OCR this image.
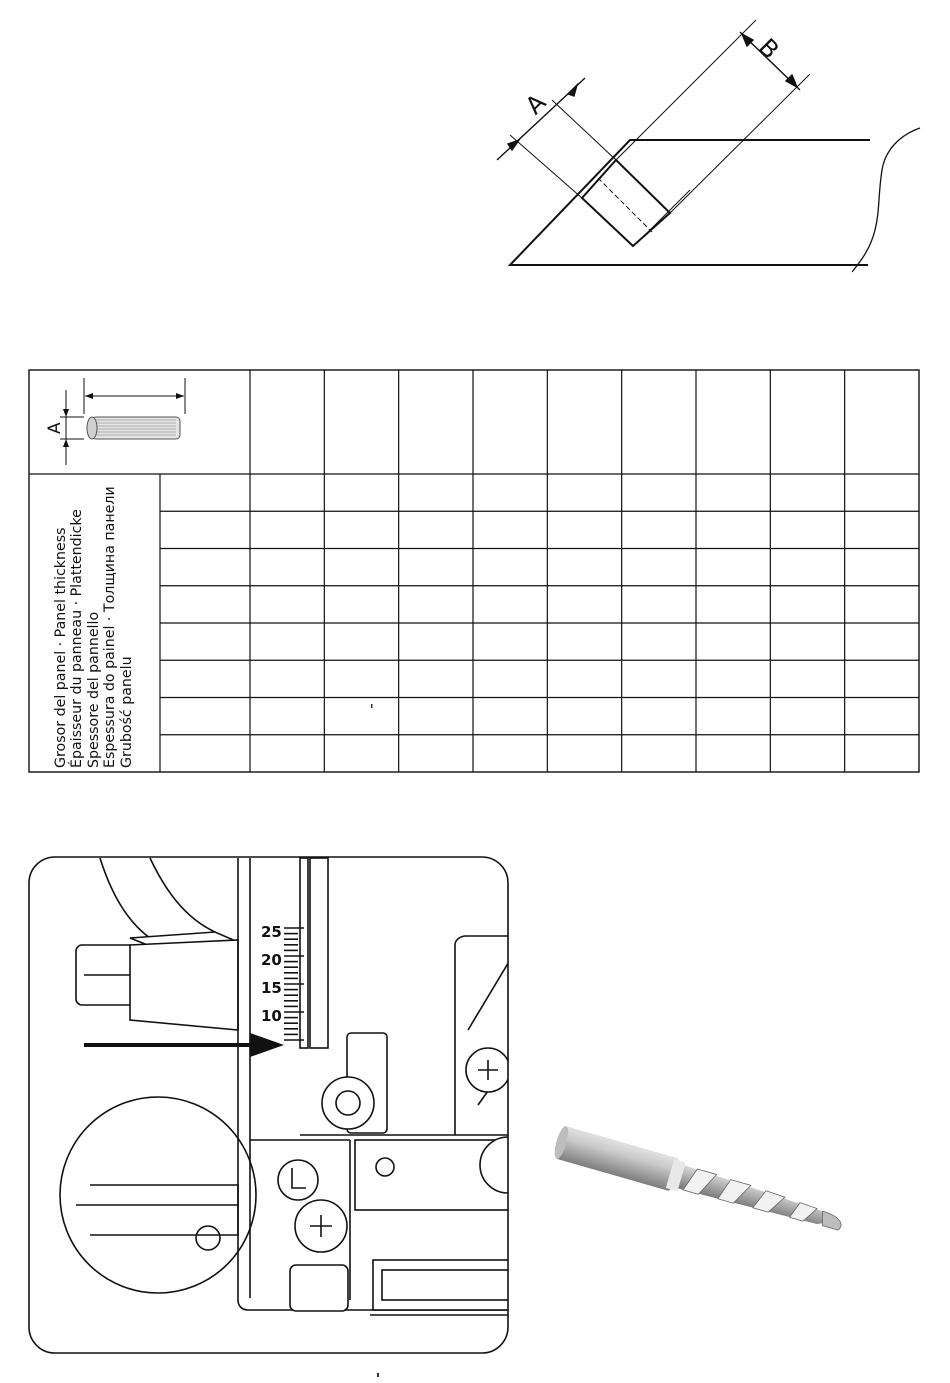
A
B
A
Grosor del panel · Panel thickness Épaisseur du panneau · Plattendicke Spessore del pannello Espessura do painel · Толщина панели Grubość panelu
25
20
15
10
